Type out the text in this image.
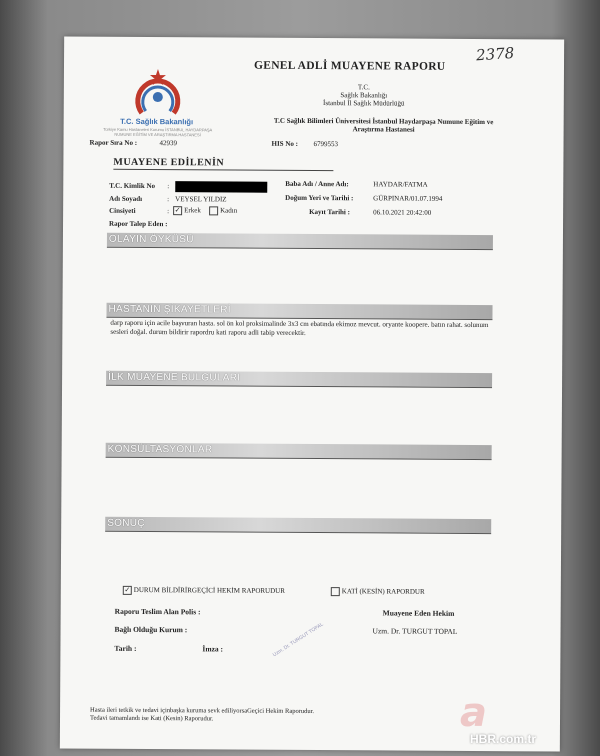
T.C. Sağlık Bakanlığı
Türkiye Kamu Hastaneleri Kurumu İSTANBUL HAYDARPAŞA NUMUNE EĞİTİM VE ARAŞTIRMA HASTANESİ
GENEL ADLİ MUAYENE RAPORU
2378
T.C.
Sağlık Bakanlığı
İstanbul İl Sağlık Müdürlüğü
T.C Sağlık Bilimleri Üniversitesi İstanbul Haydarpaşa Numune Eğitim ve Araştırma Hastanesi
Rapor Sıra No :	42939	HIS No : 6799553
MUAYENE EDİLENİN
T.C. Kimlik No :
Adı Soyadı	: VEYSEL YILDIZ
Cinsiyeti	: ✓ Erkek	Kadın
Rapor Talep Eden :
Baba Adı / Anne Adı:	HAYDAR/FATMA
Doğum Yeri ve Tarihi :	GÜRPINAR/01.07.1994
Kayıt Tarihi :	06.10.2021 20:42:00
OLAYIN ÖYKÜSÜ
HASTANIN ŞİKAYETLERİ
darp raporu için acile başvuran hasta. sol ön kol proksimalinde 3x3 cm ebatında ekimoz mevcut. oryante koopere. batın rahat. solunum sesleri doğal. durum bildirir rapordru kati raporu adli tabip verecektir.
İLK MUAYENE BULGULARI
KONSÜLTASYONLAR
SONUÇ
✓ DURUM BİLDİRİRGEÇİCİ HEKİM RAPORUDUR	KATİ (KESİN) RAPORDUR
Raporu Teslim Alan Polis :
Bağlı Olduğu Kurum :
Tarih :	İmza :
Muayene Eden Hekim
Uzm. Dr. TURGUT TOPAL
Uzm. Dr. TURGUT TOPAL
Hasta ileri tetkik ve tedavi içinbaşka kuruma sevk ediliyorsaGeçici Hekim Raporudur.
Tedavi tamamlandı ise Kati (Kesin) Raporudur.	a
HBR.com.tr
